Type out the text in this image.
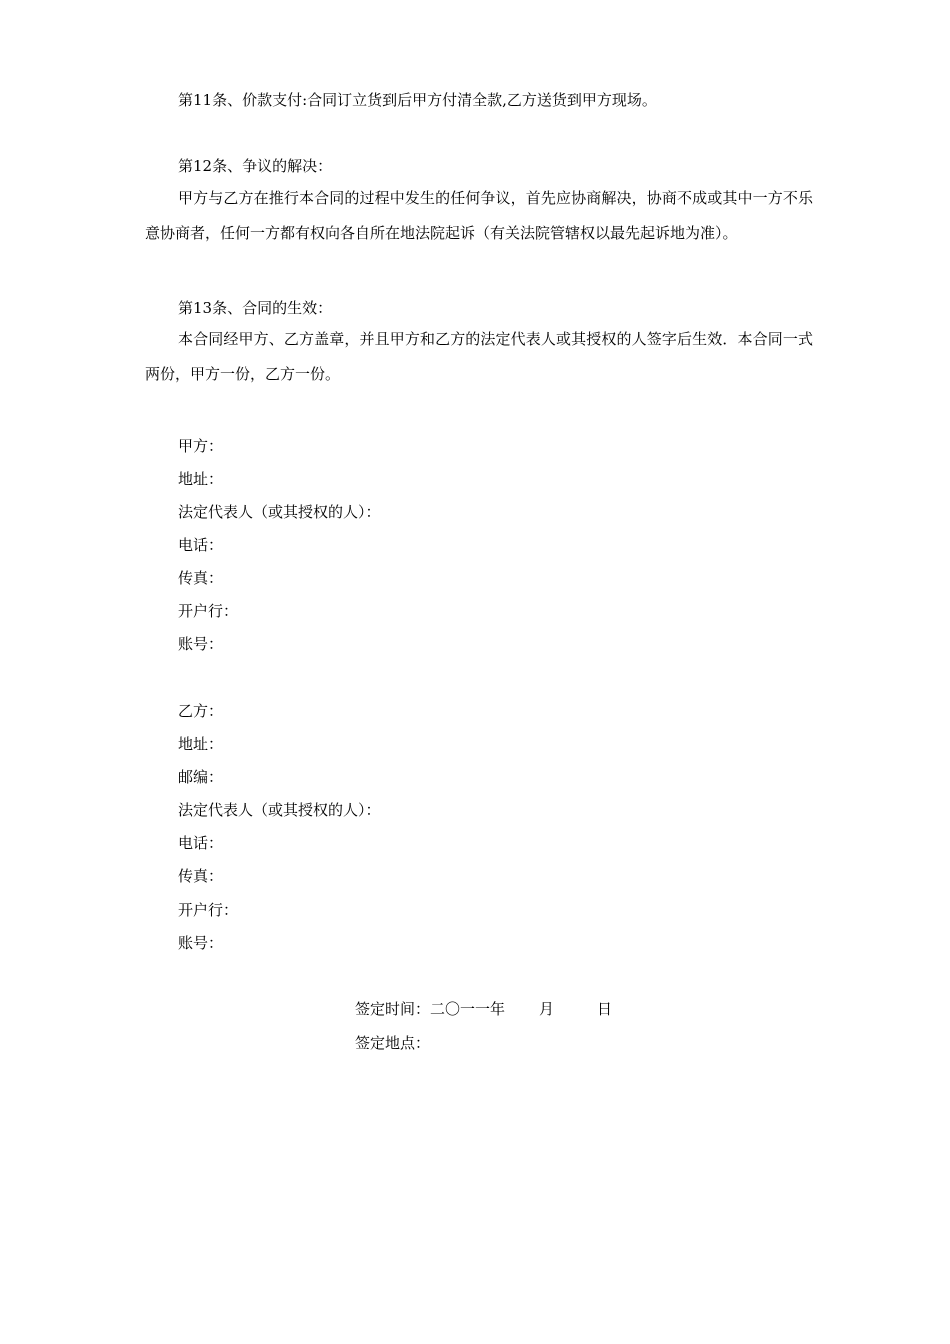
第11条、价款支付:合同订立货到后甲方付清全款,乙方送货到甲方现场。
第12条、争议的解决：
甲方与乙方在推行本合同的过程中发生的任何争议，首先应协商解决，协商不成或其中一方不乐意协商者，任何一方都有权向各自所在地法院起诉（有关法院管辖权以最先起诉地为准）。
第13条、合同的生效：
本合同经甲方、乙方盖章，并且甲方和乙方的法定代表人或其授权的人签字后生效．本合同一式两份，甲方一份，乙方一份。
甲方：
地址：
法定代表人（或其授权的人）：
电话：
传真：
开户行：
账号：
乙方：
地址：
邮编：
法定代表人（或其授权的人）：
电话：
传真：
开户行：
账号：
签定时间：二〇一一年 月	日
签定地点：
